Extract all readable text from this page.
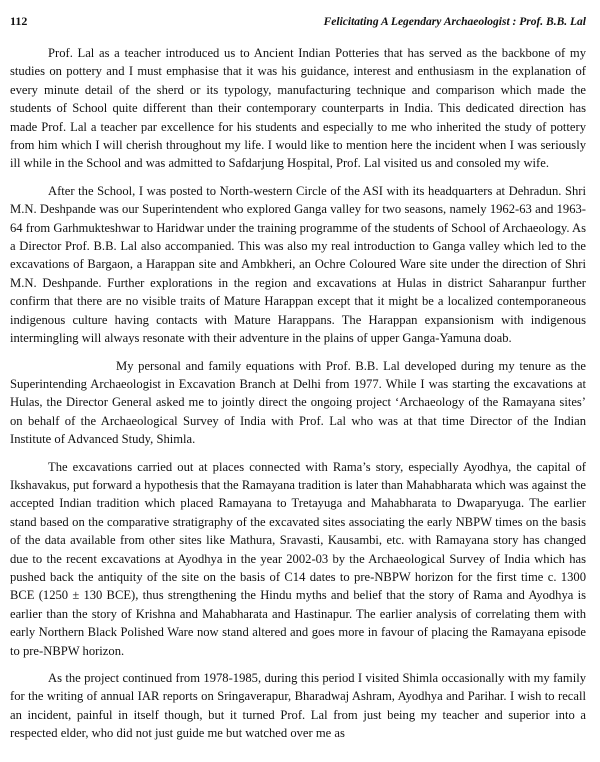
112	Felicitating A Legendary Archaeologist : Prof. B.B. Lal

Prof. Lal as a teacher introduced us to Ancient Indian Potteries that has served as the backbone of my studies on pottery and I must emphasise that it was his guidance, interest and enthusiasm in the explanation of every minute detail of the sherd or its typology, manufacturing technique and comparison which made the students of School quite different than their contemporary counterparts in India. This dedicated direction has made Prof. Lal a teacher par excellence for his students and especially to me who inherited the study of pottery from him which I will cherish throughout my life. I would like to mention here the incident when I was seriously ill while in the School and was admitted to Safdarjung Hospital, Prof. Lal visited us and consoled my wife.

After the School, I was posted to North-western Circle of the ASI with its headquarters at Dehradun. Shri M.N. Deshpande was our Superintendent who explored Ganga valley for two seasons, namely 1962-63 and 1963-64 from Garhmukteshwar to Haridwar under the training programme of the students of School of Archaeology. As a Director Prof. B.B. Lal also accompanied. This was also my real introduction to Ganga valley which led to the excavations of Bargaon, a Harappan site and Ambkheri, an Ochre Coloured Ware site under the direction of Shri M.N. Deshpande. Further explorations in the region and excavations at Hulas in district Saharanpur further confirm that there are no visible traits of Mature Harappan except that it might be a localized contemporaneous indigenous culture having contacts with Mature Harappans. The Harappan expansionism with indigenous intermingling will always resonate with their adventure in the plains of upper Ganga-Yamuna doab.

My personal and family equations with Prof. B.B. Lal developed during my tenure as the Superintending Archaeologist in Excavation Branch at Delhi from 1977. While I was starting the excavations at Hulas, the Director General asked me to jointly direct the ongoing project ‘Archaeology of the Ramayana sites’ on behalf of the Archaeological Survey of India with Prof. Lal who was at that time Director of the Indian Institute of Advanced Study, Shimla.

The excavations carried out at places connected with Rama’s story, especially Ayodhya, the capital of Ikshavakus, put forward a hypothesis that the Ramayana tradition is later than Mahabharata which was against the accepted Indian tradition which placed Ramayana to Tretayuga and Mahabharata to Dwaparyuga. The earlier stand based on the comparative stratigraphy of the excavated sites associating the early NBPW times on the basis of the data available from other sites like Mathura, Sravasti, Kausambi, etc. with Ramayana story has changed due to the recent excavations at Ayodhya in the year 2002-03 by the Archaeological Survey of India which has pushed back the antiquity of the site on the basis of C14 dates to pre-NBPW horizon for the first time c. 1300 BCE (1250 ± 130 BCE), thus strengthening the Hindu myths and belief that the story of Rama and Ayodhya is earlier than the story of Krishna and Mahabharata and Hastinapur. The earlier analysis of correlating them with early Northern Black Polished Ware now stand altered and goes more in favour of placing the Ramayana episode to pre-NBPW horizon.

As the project continued from 1978-1985, during this period I visited Shimla occasionally with my family for the writing of annual IAR reports on Sringaverapur, Bharadwaj Ashram, Ayodhya and Parihar. I wish to recall an incident, painful in itself though, but it turned Prof. Lal from just being my teacher and superior into a respected elder, who did not just guide me but watched over me as
